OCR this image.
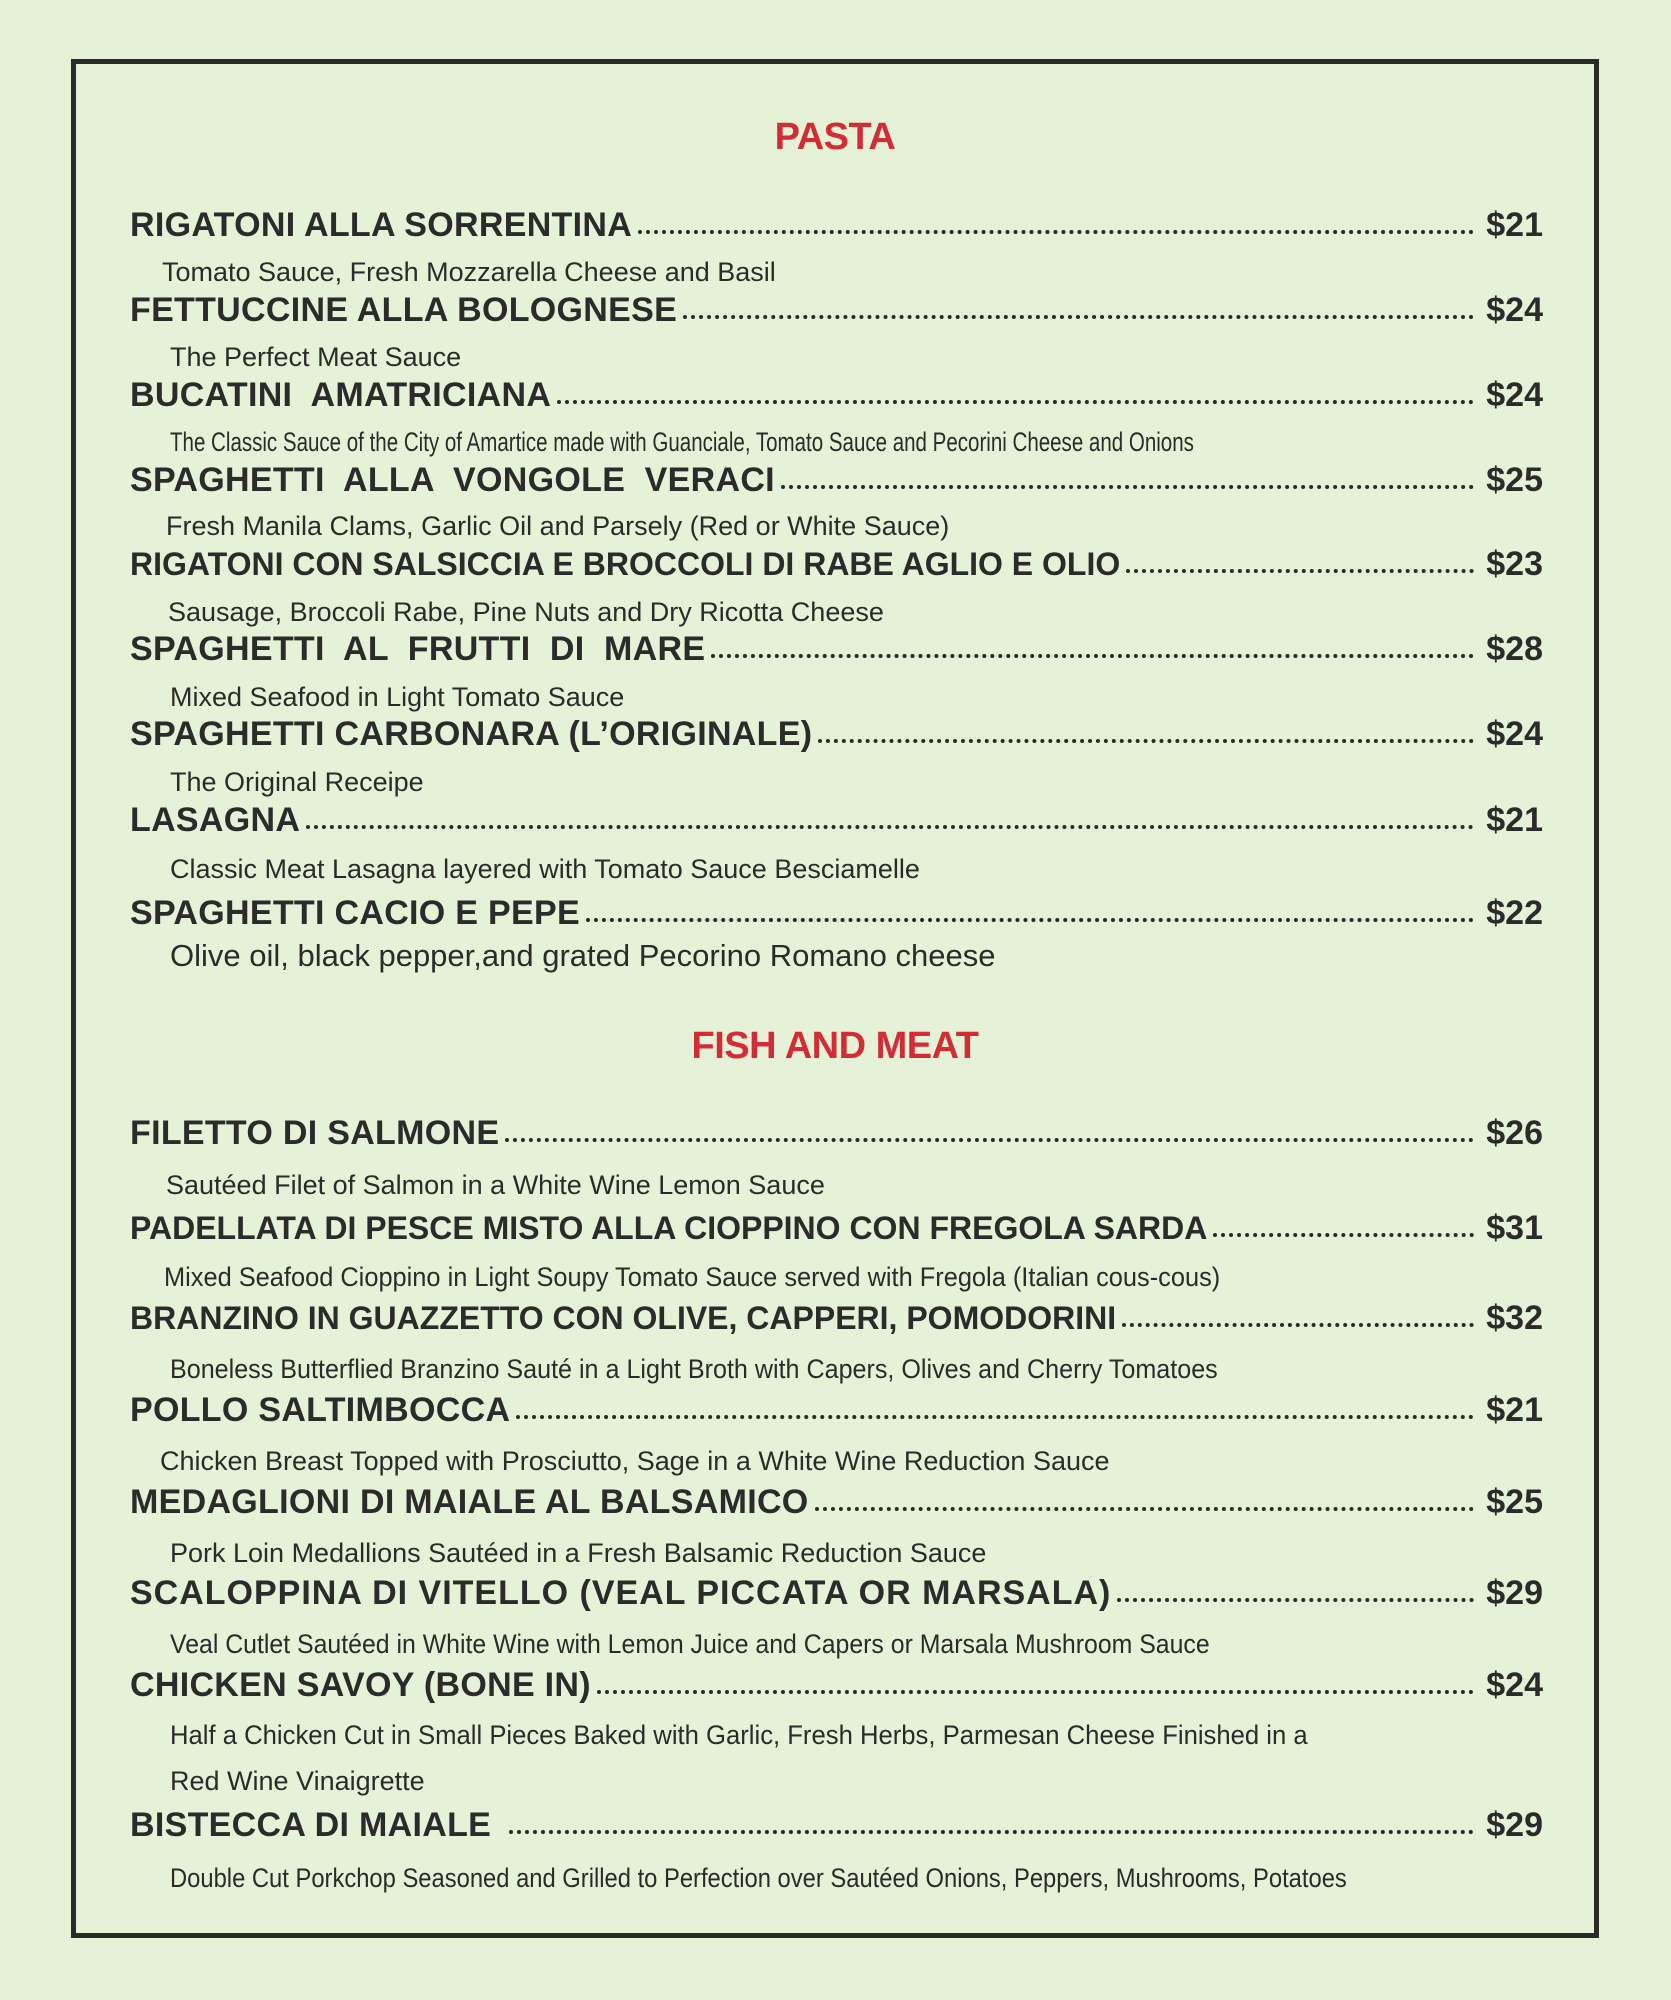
PASTA
RIGATONI ALLA SORRENTINA	$21
Tomato Sauce, Fresh Mozzarella Cheese and Basil
FETTUCCINE ALLA BOLOGNESE	$24
The Perfect Meat Sauce
BUCATINI  AMATRICIANA	$24
The Classic Sauce of the City of Amartice made with Guanciale, Tomato Sauce and Pecorini Cheese and Onions
SPAGHETTI  ALLA  VONGOLE  VERACI	$25
Fresh Manila Clams, Garlic Oil and Parsely (Red or White Sauce)
RIGATONI CON SALSICCIA E BROCCOLI DI RABE AGLIO E OLIO	$23
Sausage, Broccoli Rabe, Pine Nuts and Dry Ricotta Cheese
SPAGHETTI  AL  FRUTTI  DI  MARE	$28
Mixed Seafood in Light Tomato Sauce
SPAGHETTI CARBONARA (L’ORIGINALE)	$24
The Original Receipe
LASAGNA	$21
Classic Meat Lasagna layered with Tomato Sauce Besciamelle
SPAGHETTI CACIO E PEPE	$22
Olive oil, black pepper,and grated Pecorino Romano cheese
FISH AND MEAT
FILETTO DI SALMONE	$26
Sautéed Filet of Salmon in a White Wine Lemon Sauce
PADELLATA DI PESCE MISTO ALLA CIOPPINO CON FREGOLA SARDA	$31
Mixed Seafood Cioppino in Light Soupy Tomato Sauce served with Fregola (Italian cous-cous)
BRANZINO IN GUAZZETTO CON OLIVE, CAPPERI, POMODORINI	$32
Boneless Butterflied Branzino Sauté in a Light Broth with Capers, Olives and Cherry Tomatoes
POLLO SALTIMBOCCA	$21
Chicken Breast Topped with Prosciutto, Sage in a White Wine Reduction Sauce
MEDAGLIONI DI MAIALE AL BALSAMICO	$25
Pork Loin Medallions Sautéed in a Fresh Balsamic Reduction Sauce
SCALOPPINA DI VITELLO (VEAL PICCATA OR MARSALA)	$29
Veal Cutlet Sautéed in White Wine with Lemon Juice and Capers or Marsala Mushroom Sauce
CHICKEN SAVOY (BONE IN)	$24
Half a Chicken Cut in Small Pieces Baked with Garlic, Fresh Herbs, Parmesan Cheese Finished in a
Red Wine Vinaigrette
BISTECCA DI MAIALE	$29
Double Cut Porkchop Seasoned and Grilled to Perfection over Sautéed Onions, Peppers, Mushrooms, Potatoes
